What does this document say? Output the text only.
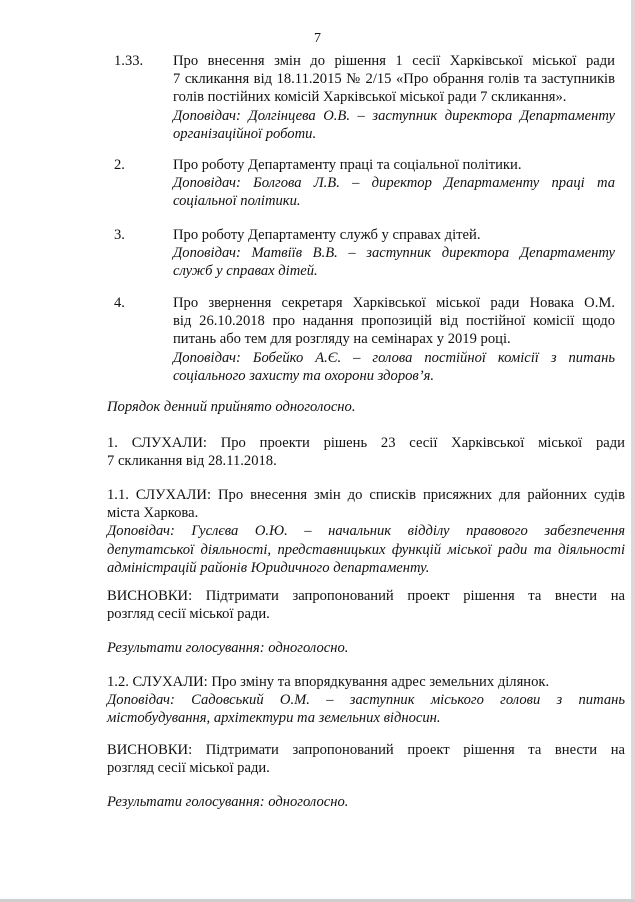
7
1.33. Про внесення змін до рішення 1 сесії Харківської міської ради
7 скликання від 18.11.2015 № 2/15 «Про обрання голів та заступників
голів постійних комісій Харківської міської ради 7 скликання».
Доповідач: Долгінцева О.В. – заступник директора Департаменту
організаційної роботи.
2.	Про роботу Департаменту праці та соціальної політики.
Доповідач: Болгова Л.В. – директор Департаменту праці та
соціальної політики.
3.	Про роботу Департаменту служб у справах дітей.
Доповідач: Матвіїв В.В. – заступник директора Департаменту
служб у справах дітей.
4.	Про звернення секретаря Харківської міської ради Новака О.М.
від 26.10.2018 про надання пропозицій від постійної комісії щодо
питань або тем для розгляду на семінарах у 2019 році.
Доповідач: Бобейко А.Є. – голова постійної комісії з питань
соціального захисту та охорони здоров’я.
Порядок денний прийнято одноголосно.
1. СЛУХАЛИ: Про проекти рішень 23 сесії Харківської міської ради
7 скликання від 28.11.2018.
1.1. СЛУХАЛИ: Про внесення змін до списків присяжних для районних судів
міста Харкова.
Доповідач: Гуслєва О.Ю. – начальник відділу правового забезпечення
депутатської діяльності, представницьких функцій міської ради та діяльності
адміністрацій районів Юридичного департаменту.
ВИСНОВКИ: Підтримати запропонований проект рішення та внести на
розгляд сесії міської ради.
Результати голосування: одноголосно.
1.2. СЛУХАЛИ: Про зміну та впорядкування адрес земельних ділянок.
Доповідач: Садовський О.М. – заступник міського голови з питань
містобудування, архітектури та земельних відносин.
ВИСНОВКИ: Підтримати запропонований проект рішення та внести на
розгляд сесії міської ради.
Результати голосування: одноголосно.
